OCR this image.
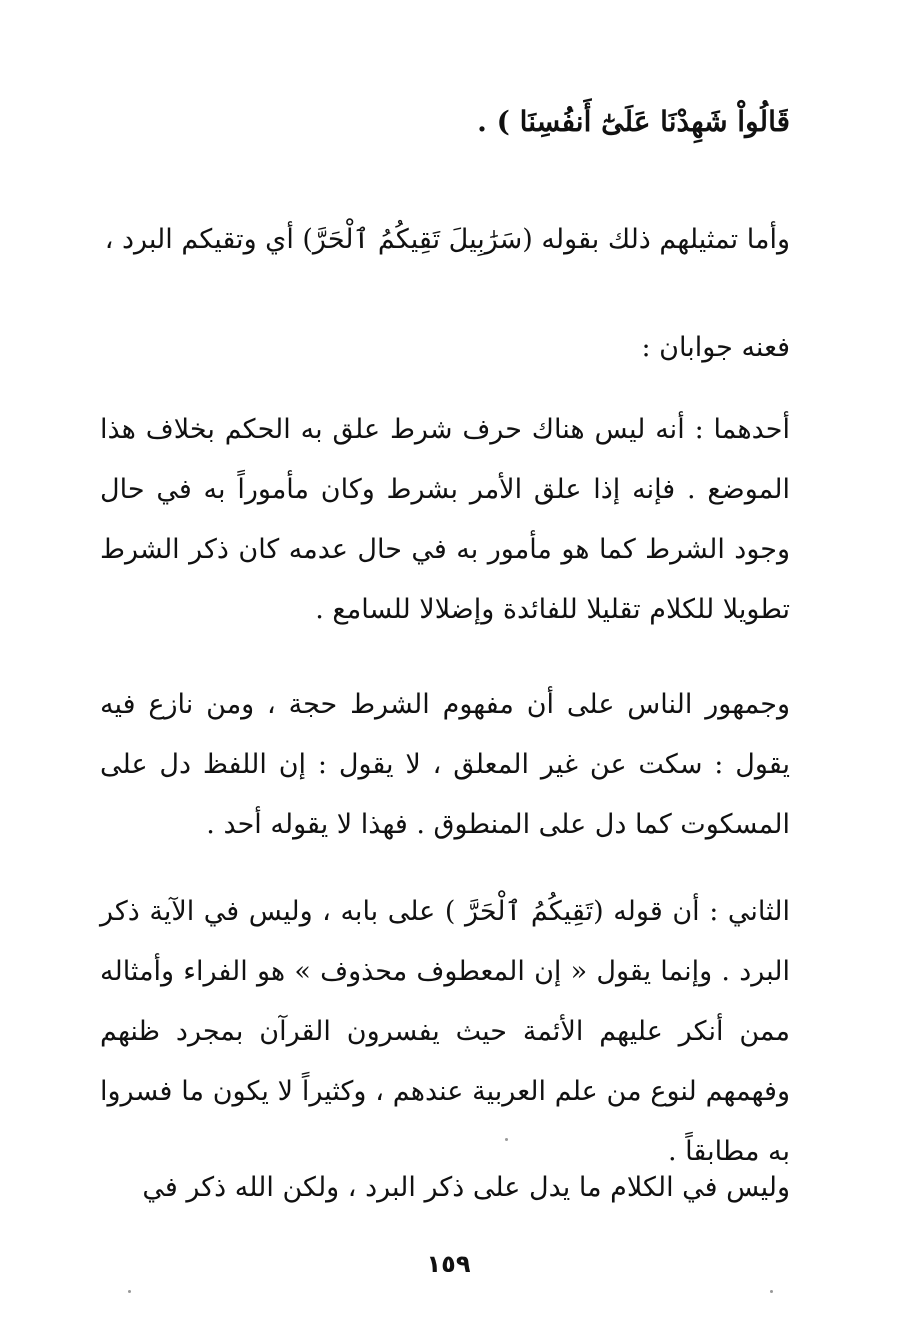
قَالُواْ شَهِدْنَا عَلَىٰٓ أَنفُسِنَا ) .

وأما تمثيلهم ذلك بقوله (سَرَٰبِيلَ تَقِيكُمُ ٱلْحَرَّ) أي وتقيكم البرد ،

فعنه جوابان :

أحدهما : أنه ليس هناك حرف شرط علق به الحكم بخلاف هذا الموضع . فإنه إذا علق الأمر بشرط وكان مأموراً به في حال وجود الشرط كما هو مأمور به في حال عدمه كان ذكر الشرط تطويلا للكلام تقليلا للفائدة وإضلالا للسامع .

وجمهور الناس على أن مفهوم الشرط حجة ، ومن نازع فيه يقول : سكت عن غير المعلق ، لا يقول : إن اللفظ دل على المسكوت كما دل على المنطوق . فهذا لا يقوله أحد .

الثاني : أن قوله (تَقِيكُمُ ٱلْحَرَّ ) على بابه ، وليس في الآية ذكر البرد . وإنما يقول « إن المعطوف محذوف » هو الفراء وأمثاله ممن أنكر عليهم الأئمة حيث يفسرون القرآن بمجرد ظنهم وفهمهم لنوع من علم العربية عندهم ، وكثيراً لا يكون ما فسروا به مطابقاً .

وليس في الكلام ما يدل على ذكر البرد ، ولكن الله ذكر في

١٥٩
